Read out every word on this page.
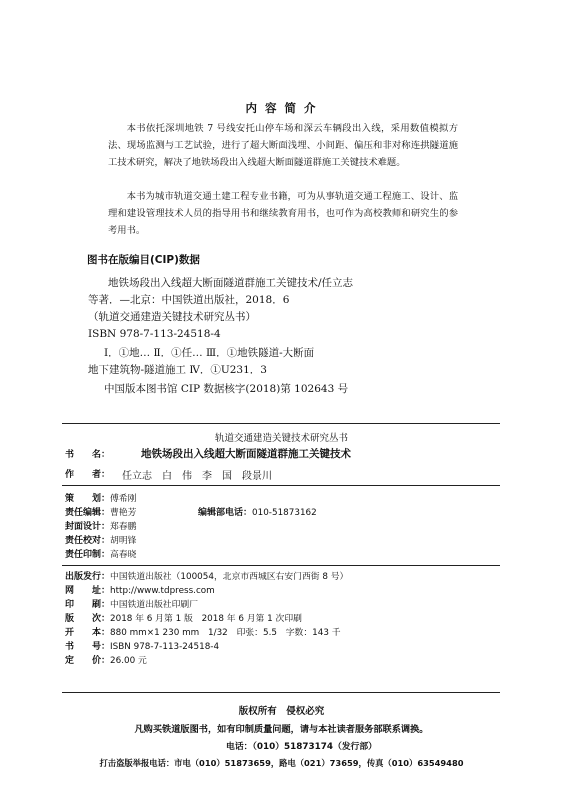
内 容 简 介
本书依托深圳地铁 7 号线安托山停车场和深云车辆段出入线，采用数值模拟方法、现场监测与工艺试验，进行了超大断面浅埋、小间距、偏压和非对称连拱隧道施工技术研究，解决了地铁场段出入线超大断面隧道群施工关键技术难题。
本书为城市轨道交通土建工程专业书籍，可为从事轨道交通工程施工、设计、监理和建设管理技术人员的指导用书和继续教育用书，也可作为高校教师和研究生的参考用书。
图书在版编目(CIP)数据
地铁场段出入线超大断面隧道群施工关键技术/任立志
等著．—北京：中国铁道出版社，2018．6
（轨道交通建造关键技术研究丛书）
ISBN 978-7-113-24518-4
Ⅰ．①地… Ⅱ．①任… Ⅲ．①地铁隧道-大断面
地下建筑物-隧道施工 Ⅳ．①U231．3
中国版本图书馆 CIP 数据核字(2018)第 102643 号
轨道交通建造关键技术研究丛书
书　　名：	地铁场段出入线超大断面隧道群施工关键技术
作　　者： 任立志　白　伟　李　国　段景川
策　　划：傅希刚
责任编辑：曹艳芳	编辑部电话：010-51873162
封面设计：郑春鹏
责任校对：胡明锋
责任印制：高春晓
出版发行：中国铁道出版社（100054，北京市西城区右安门西街 8 号）
网　　址：http://www.tdpress.com
印　　刷：中国铁道出版社印刷厂
版　　次：2018 年 6 月第 1 版　2018 年 6 月第 1 次印刷
开　　本：880 mm×1 230 mm　1/32　印张：5.5　字数：143 千
书　　号：ISBN 978-7-113-24518-4
定　　价：26.00 元
版权所有　侵权必究
凡购买铁道版图书，如有印制质量问题，请与本社读者服务部联系调换。
电话：（010）51873174（发行部）
打击盗版举报电话：市电（010）51873659，路电（021）73659，传真（010）63549480
